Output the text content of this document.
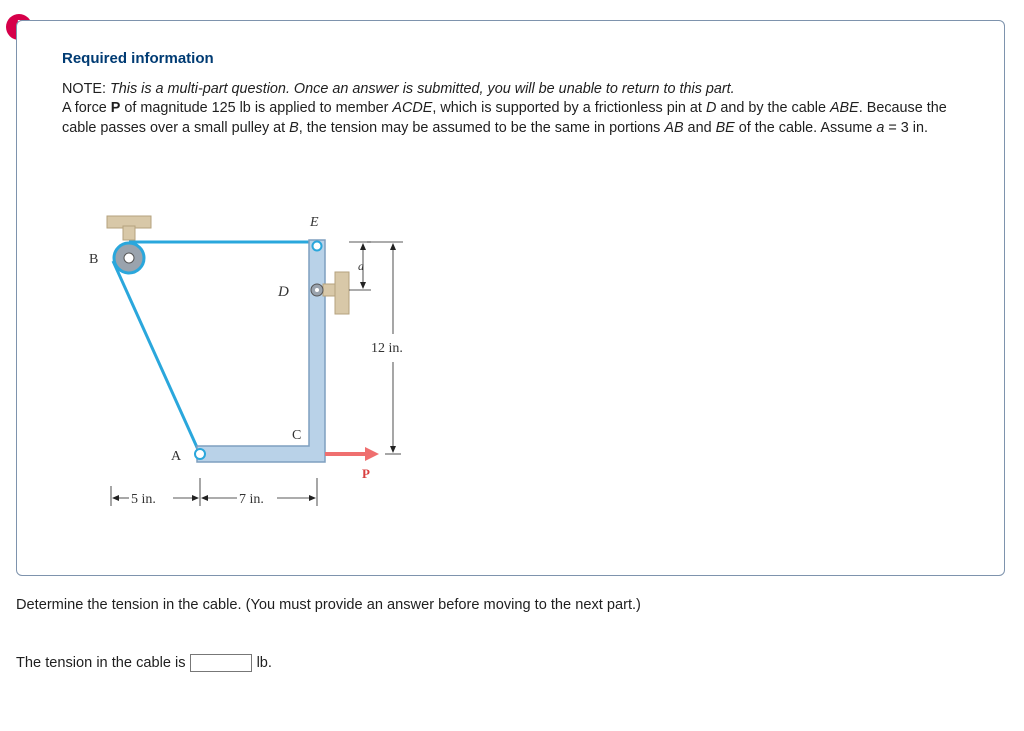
Required information

NOTE: This is a multi-part question. Once an answer is submitted, you will be unable to return to this part.

A force P of magnitude 125 lb is applied to member ACDE, which is supported by a frictionless pin at D and by the cable ABE. Because the cable passes over a small pulley at B, the tension may be assumed to be the same in portions AB and BE of the cable. Assume a = 3 in.

B
E
D
C
A
P
a
12 in.
5 in.	7 in.
Determine the tension in the cable. (You must provide an answer before moving to the next part.)
The tension in the cable is	lb.
